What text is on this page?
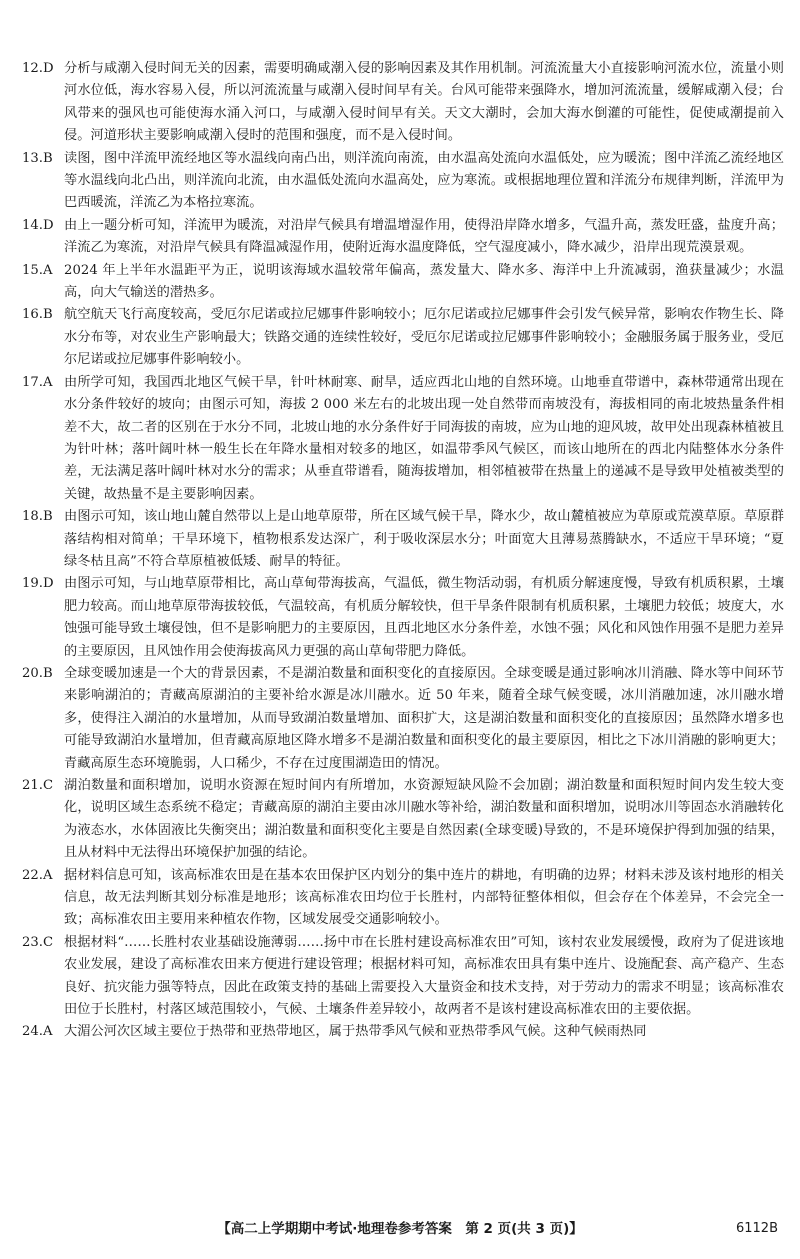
12.D 分析与咸潮入侵时间无关的因素，需要明确咸潮入侵的影响因素及其作用机制。河流流量大小直接影响河流水位，流量小则河水位低，海水容易入侵，所以河流流量与咸潮入侵时间早有关。台风可能带来强降水，增加河流流量，缓解咸潮入侵；台风带来的强风也可能使海水涌入河口，与咸潮入侵时间早有关。天文大潮时，会加大海水倒灌的可能性，促使咸潮提前入侵。河道形状主要影响咸潮入侵时的范围和强度，而不是入侵时间。
13.B 读图，图中洋流甲流经地区等水温线向南凸出，则洋流向南流，由水温高处流向水温低处，应为暖流；图中洋流乙流经地区等水温线向北凸出，则洋流向北流，由水温低处流向水温高处，应为寒流。或根据地理位置和洋流分布规律判断，洋流甲为巴西暖流，洋流乙为本格拉寒流。
14.D 由上一题分析可知，洋流甲为暖流，对沿岸气候具有增温增湿作用，使得沿岸降水增多，气温升高，蒸发旺盛，盐度升高；洋流乙为寒流，对沿岸气候具有降温减湿作用，使附近海水温度降低，空气湿度减小，降水减少，沿岸出现荒漠景观。
15.A 2024 年上半年水温距平为正，说明该海域水温较常年偏高，蒸发量大、降水多、海洋中上升流减弱，渔获量减少；水温高，向大气输送的潜热多。
16.B 航空航天飞行高度较高，受厄尔尼诺或拉尼娜事件影响较小；厄尔尼诺或拉尼娜事件会引发气候异常，影响农作物生长、降水分布等，对农业生产影响最大；铁路交通的连续性较好，受厄尔尼诺或拉尼娜事件影响较小；金融服务属于服务业，受厄尔尼诺或拉尼娜事件影响较小。
17.A 由所学可知，我国西北地区气候干旱，针叶林耐寒、耐旱，适应西北山地的自然环境。山地垂直带谱中，森林带通常出现在水分条件较好的坡向；由图示可知，海拔 2 000 米左右的北坡出现一处自然带而南坡没有，海拔相同的南北坡热量条件相差不大，故二者的区别在于水分不同，北坡山地的水分条件好于同海拔的南坡，应为山地的迎风坡，故甲处出现森林植被且为针叶林；落叶阔叶林一般生长在年降水量相对较多的地区，如温带季风气候区，而该山地所在的西北内陆整体水分条件差，无法满足落叶阔叶林对水分的需求；从垂直带谱看，随海拔增加，相邻植被带在热量上的递减不是导致甲处植被类型的关键，故热量不是主要影响因素。
18.B 由图示可知，该山地山麓自然带以上是山地草原带，所在区域气候干旱，降水少，故山麓植被应为草原或荒漠草原。草原群落结构相对简单；干旱环境下，植物根系发达深广，利于吸收深层水分；叶面宽大且薄易蒸腾缺水，不适应干旱环境；“夏绿冬枯且高”不符合草原植被低矮、耐旱的特征。
19.D 由图示可知，与山地草原带相比，高山草甸带海拔高，气温低，微生物活动弱，有机质分解速度慢，导致有机质积累，土壤肥力较高。而山地草原带海拔较低，气温较高，有机质分解较快，但干旱条件限制有机质积累，土壤肥力较低；坡度大，水蚀强可能导致土壤侵蚀，但不是影响肥力的主要原因，且西北地区水分条件差，水蚀不强；风化和风蚀作用强不是肥力差异的主要原因，且风蚀作用会使海拔高风力更强的高山草甸带肥力降低。
20.B 全球变暖加速是一个大的背景因素，不是湖泊数量和面积变化的直接原因。全球变暖是通过影响冰川消融、降水等中间环节来影响湖泊的；青藏高原湖泊的主要补给水源是冰川融水。近 50 年来，随着全球气候变暖，冰川消融加速，冰川融水增多，使得注入湖泊的水量增加，从而导致湖泊数量增加、面积扩大，这是湖泊数量和面积变化的直接原因；虽然降水增多也可能导致湖泊水量增加，但青藏高原地区降水增多不是湖泊数量和面积变化的最主要原因，相比之下冰川消融的影响更大；青藏高原生态环境脆弱，人口稀少，不存在过度围湖造田的情况。
21.C 湖泊数量和面积增加，说明水资源在短时间内有所增加，水资源短缺风险不会加剧；湖泊数量和面积短时间内发生较大变化，说明区域生态系统不稳定；青藏高原的湖泊主要由冰川融水等补给，湖泊数量和面积增加，说明冰川等固态水消融转化为液态水，水体固液比失衡突出；湖泊数量和面积变化主要是自然因素(全球变暖)导致的，不是环境保护得到加强的结果，且从材料中无法得出环境保护加强的结论。
22.A 据材料信息可知，该高标准农田是在基本农田保护区内划分的集中连片的耕地，有明确的边界；材料未涉及该村地形的相关信息，故无法判断其划分标准是地形；该高标准农田均位于长胜村，内部特征整体相似，但会存在个体差异，不会完全一致；高标准农田主要用来种植农作物，区域发展受交通影响较小。
23.C 根据材料“……长胜村农业基础设施薄弱……扬中市在长胜村建设高标准农田”可知，该村农业发展缓慢，政府为了促进该地农业发展，建设了高标准农田来方便进行建设管理；根据材料可知，高标准农田具有集中连片、设施配套、高产稳产、生态良好、抗灾能力强等特点，因此在政策支持的基础上需要投入大量资金和技术支持，对于劳动力的需求不明显；该高标准农田位于长胜村，村落区域范围较小，气候、土壤条件差异较小，故两者不是该村建设高标准农田的主要依据。
24.A 大湄公河次区域主要位于热带和亚热带地区，属于热带季风气候和亚热带季风气候。这种气候雨热同
【高二上学期期中考试·地理卷参考答案　第 2 页(共 3 页)】	6112B
